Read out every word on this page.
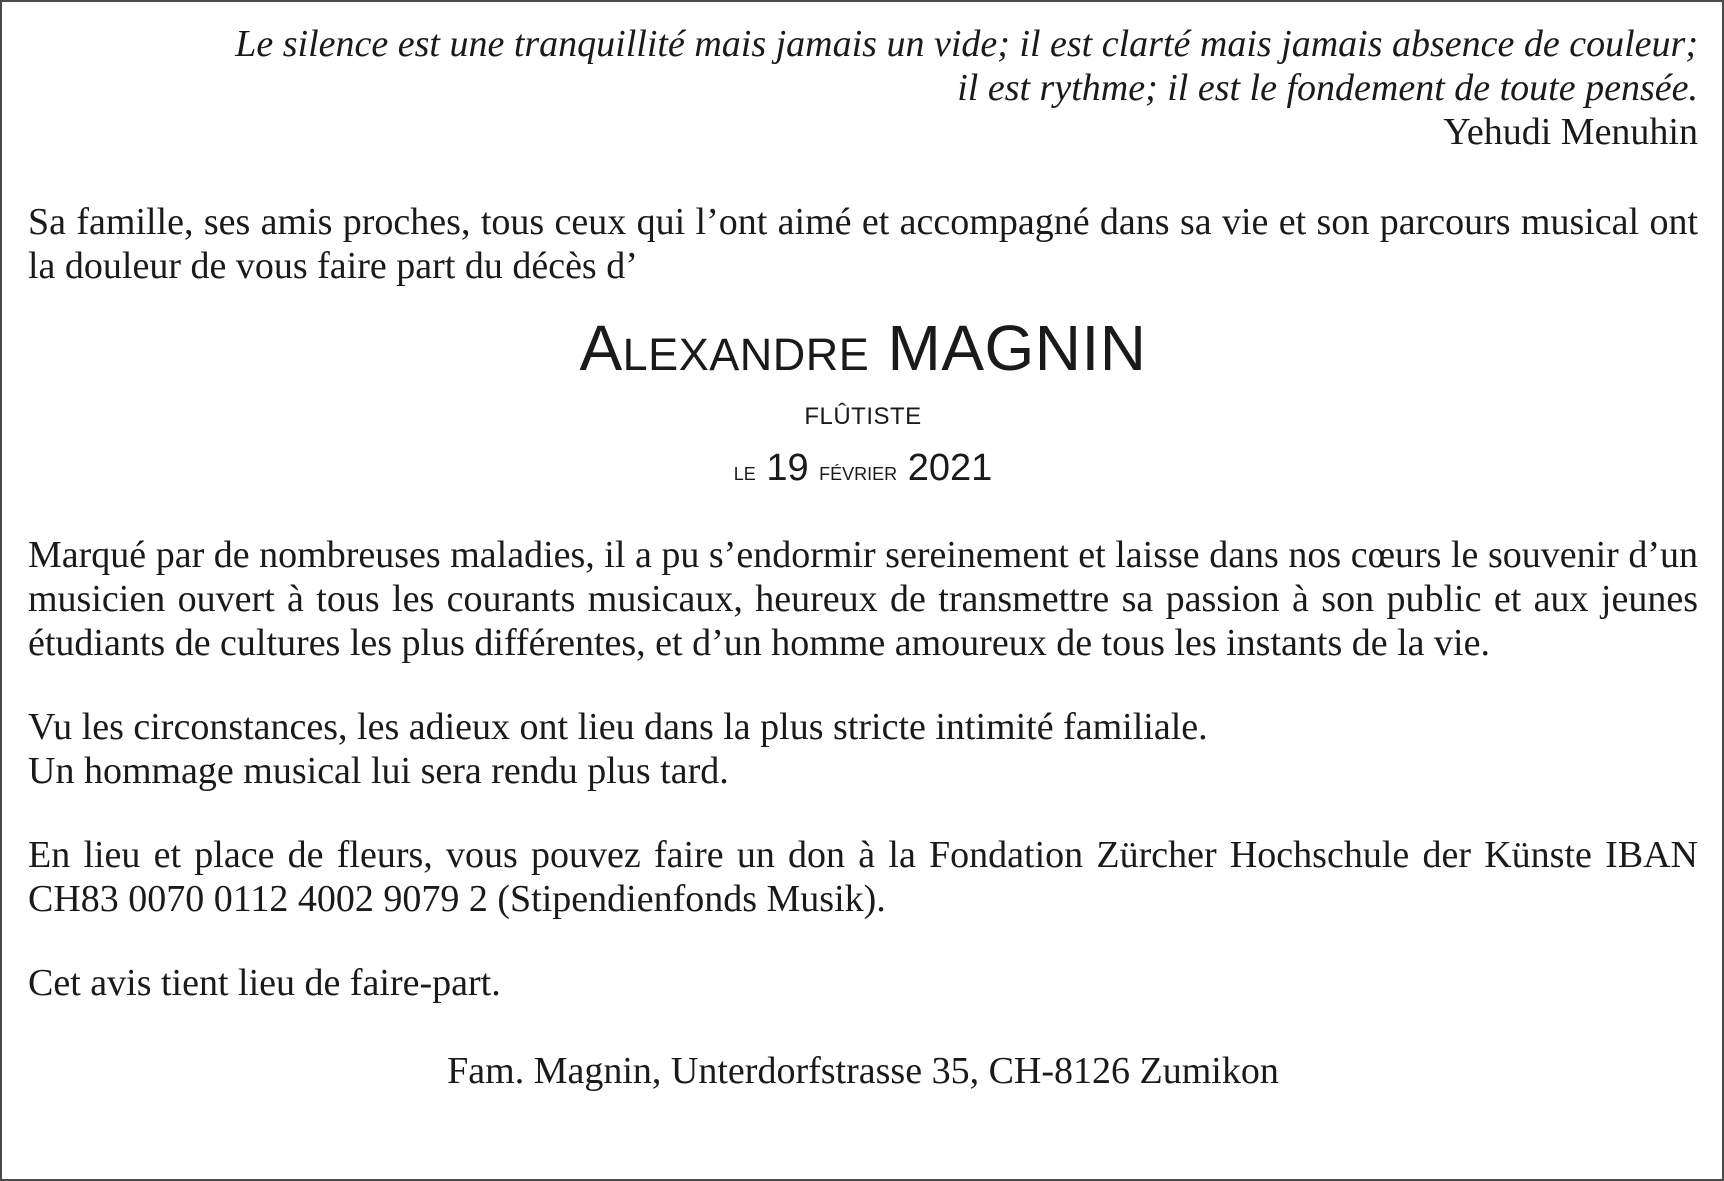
Le silence est une tranquillité mais jamais un vide; il est clarté mais jamais absence de couleur;
il est rythme; il est le fondement de toute pensée.
Yehudi Menuhin

Sa famille, ses amis proches, tous ceux qui l’ont aimé et accompagné dans sa vie et son parcours musical ont la douleur de vous faire part du décès d’

Alexandre MAGNIN
FLÛTISTE
le 19 février 2021

Marqué par de nombreuses maladies, il a pu s’endormir sereinement et laisse dans nos cœurs le souvenir d’un musicien ouvert à tous les courants musicaux, heureux de transmettre sa passion à son public et aux jeunes étudiants de cultures les plus différentes, et d’un homme amoureux de tous les instants de la vie.

Vu les circonstances, les adieux ont lieu dans la plus stricte intimité familiale.
Un hommage musical lui sera rendu plus tard.

En lieu et place de fleurs, vous pouvez faire un don à la Fondation Zürcher Hochschule der Künste IBAN CH83 0070 0112 4002 9079 2 (Stipendienfonds Musik).

Cet avis tient lieu de faire-part.

Fam. Magnin, Unterdorfstrasse 35, CH-8126 Zumikon
